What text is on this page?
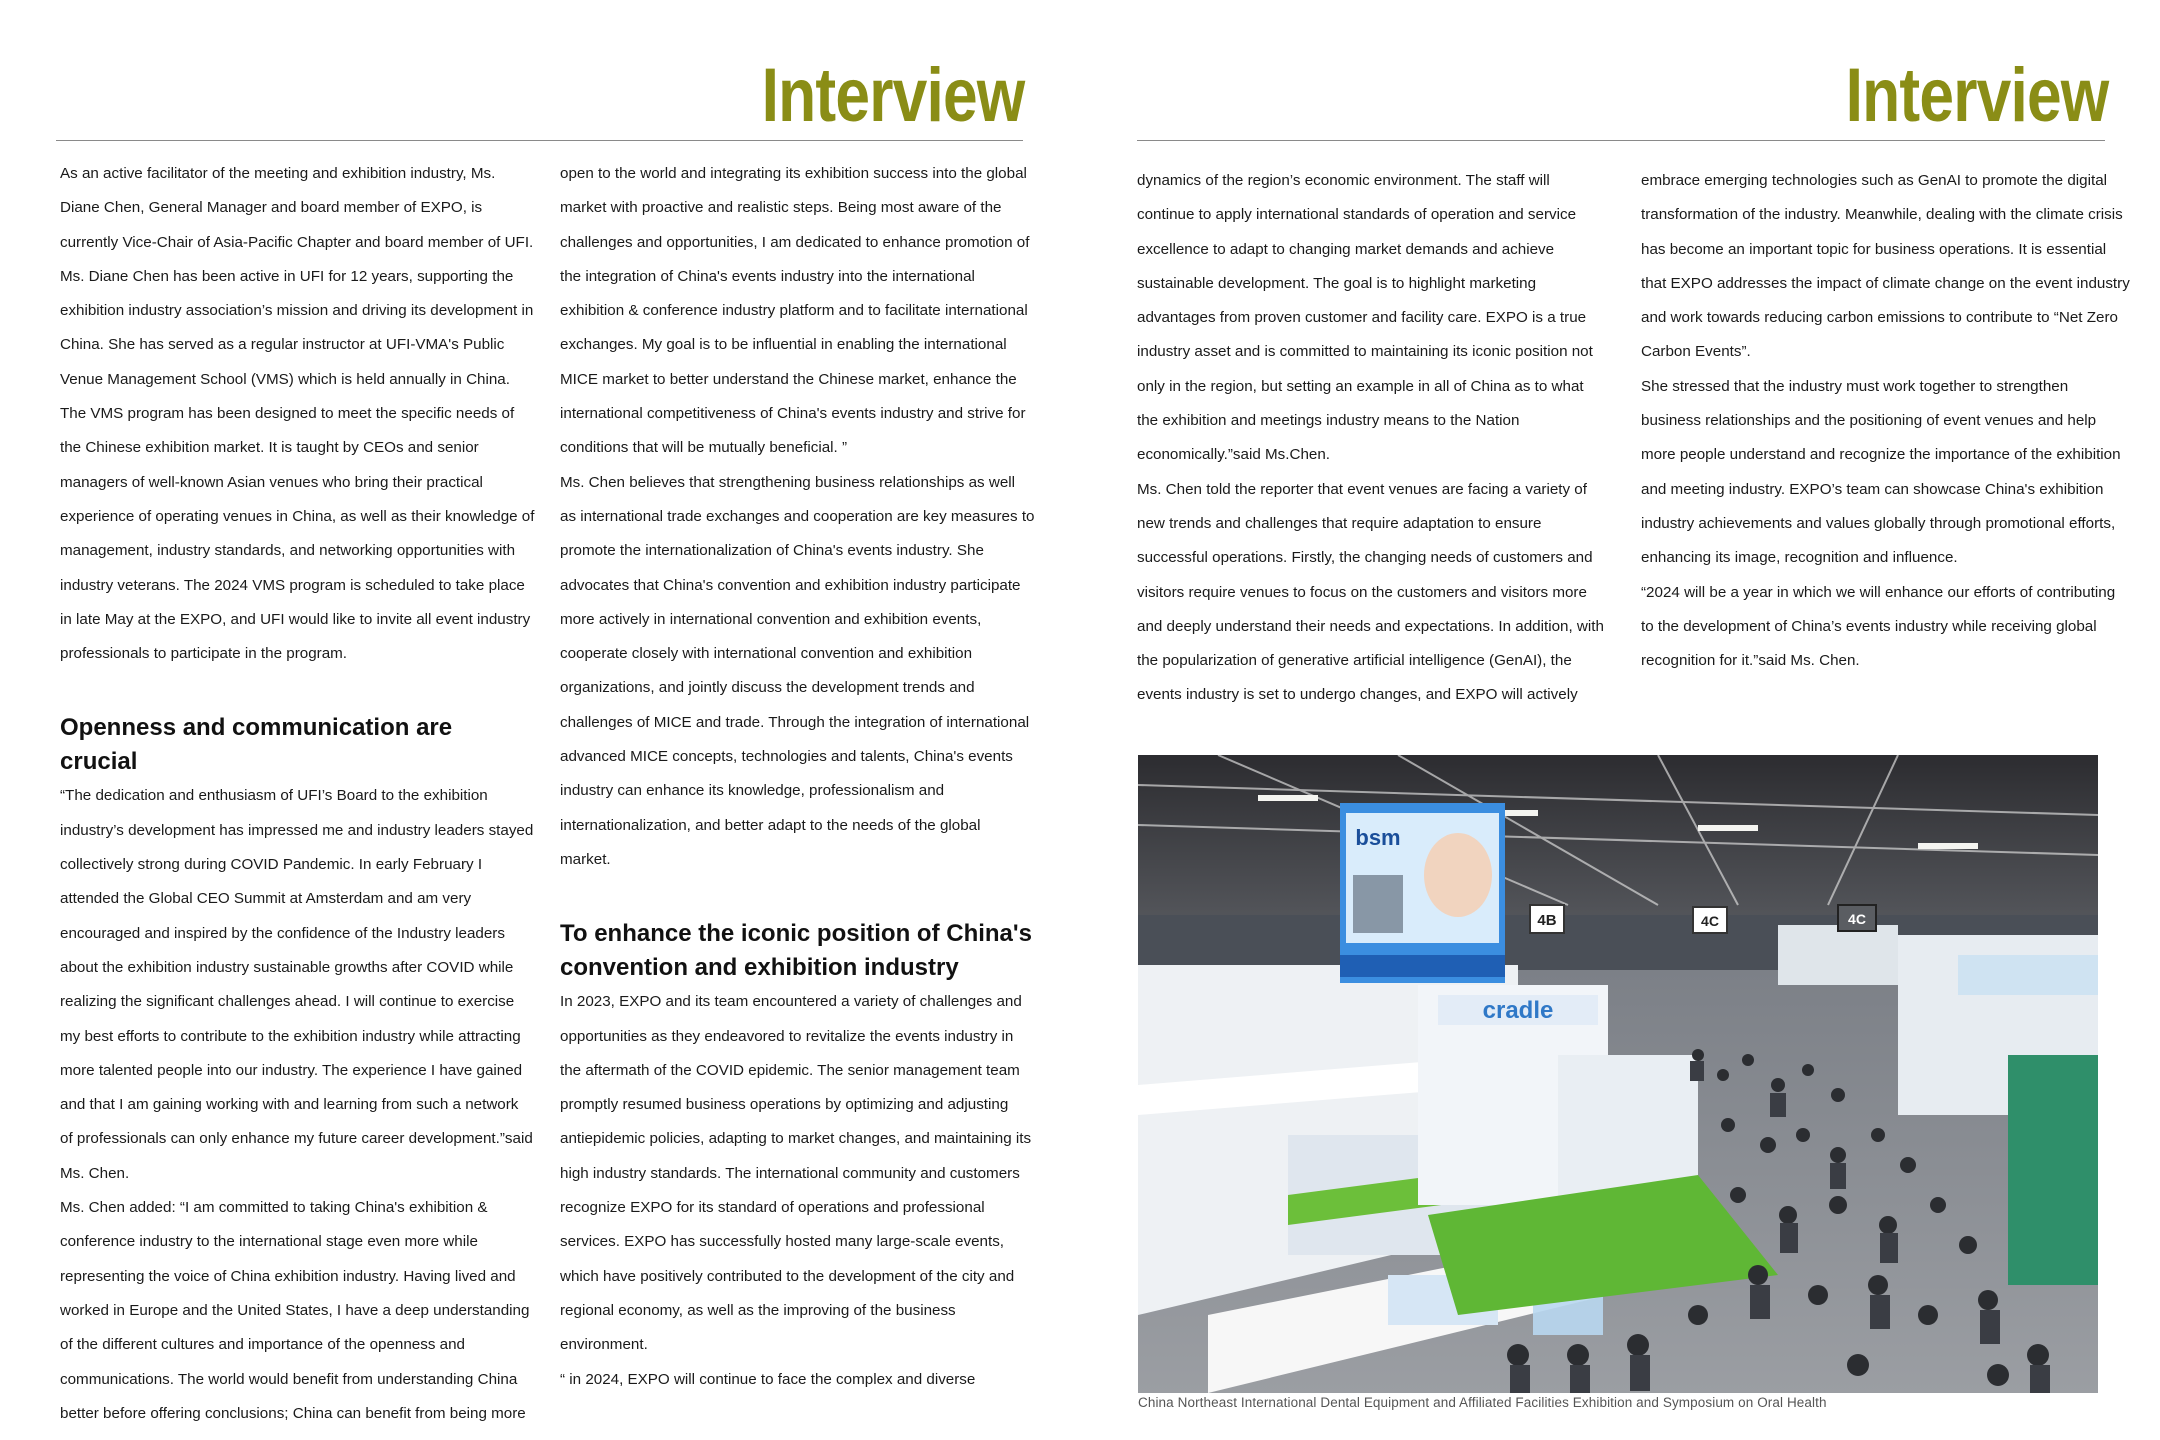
Interview

As an active facilitator of the meeting and exhibition industry, Ms. Diane Chen, General Manager and board member of EXPO, is currently Vice-Chair of Asia-Pacific Chapter and board member of UFI. Ms. Diane Chen has been active in UFI for 12 years, supporting the exhibition industry association’s mission and driving its development in China. She has served as a regular instructor at UFI-VMA's Public Venue Management School (VMS) which is held annually in China. The VMS program has been designed to meet the specific needs of the Chinese exhibition market. It is taught by CEOs and senior managers of well-known Asian venues who bring their practical experience of operating venues in China, as well as their knowledge of management, industry standards, and networking opportunities with industry veterans. The 2024 VMS program is scheduled to take place in late May at the EXPO, and UFI would like to invite all event industry professionals to participate in the program.

Openness and communication are crucial

“The dedication and enthusiasm of UFI’s Board to the exhibition industry’s development has impressed me and industry leaders stayed collectively strong during COVID Pandemic. In early February I attended the Global CEO Summit at Amsterdam and am very encouraged and inspired by the confidence of the Industry leaders about the exhibition industry sustainable growths after COVID while realizing the significant challenges ahead. I will continue to exercise my best efforts to contribute to the exhibition industry while attracting more talented people into our industry. The experience I have gained and that I am gaining working with and learning from such a network of professionals can only enhance my future career development.”said Ms. Chen.

Ms. Chen added: “I am committed to taking China's exhibition & conference industry to the international stage even more while representing the voice of China exhibition industry. Having lived and worked in Europe and the United States, I have a deep understanding of the different cultures and importance of the openness and communications. The world would benefit from understanding China better before offering conclusions; China can benefit from being more

open to the world and integrating its exhibition success into the global market with proactive and realistic steps. Being most aware of the challenges and opportunities, I am dedicated to enhance promotion of the integration of China's events industry into the international exhibition & conference industry platform and to facilitate international exchanges. My goal is to be influential in enabling the international MICE market to better understand the Chinese market, enhance the international competitiveness of China's events industry and strive for conditions that will be mutually beneficial. ”

Ms. Chen believes that strengthening business relationships as well as international trade exchanges and cooperation are key measures to promote the internationalization of China's events industry. She advocates that China's convention and exhibition industry participate more actively in international convention and exhibition events, cooperate closely with international convention and exhibition organizations, and jointly discuss the development trends and challenges of MICE and trade. Through the integration of international advanced MICE concepts, technologies and talents, China's events industry can enhance its knowledge, professionalism and internationalization, and better adapt to the needs of the global market.

To enhance the iconic position of China's convention and exhibition industry

In 2023, EXPO and its team encountered a variety of challenges and opportunities as they endeavored to revitalize the events industry in the aftermath of the COVID epidemic. The senior management team promptly resumed business operations by optimizing and adjusting antiepidemic policies, adapting to market changes, and maintaining its high industry standards. The international community and customers recognize EXPO for its standard of operations and professional services. EXPO has successfully hosted many large-scale events, which have positively contributed to the development of the city and regional economy, as well as the improving of the business environment.

“ in 2024, EXPO will continue to face the complex and diverse

Interview

dynamics of the region’s economic environment. The staff will continue to apply international standards of operation and service excellence to adapt to changing market demands and achieve sustainable development. The goal is to highlight marketing advantages from proven customer and facility care. EXPO is a true industry asset and is committed to maintaining its iconic position not only in the region, but setting an example in all of China as to what the exhibition and meetings industry means to the Nation economically.”said Ms.Chen.

Ms. Chen told the reporter that event venues are facing a variety of new trends and challenges that require adaptation to ensure successful operations. Firstly, the changing needs of customers and visitors require venues to focus on the customers and visitors more and deeply understand their needs and expectations. In addition, with the popularization of generative artificial intelligence (GenAI), the events industry is set to undergo changes, and EXPO will actively

embrace emerging technologies such as GenAI to promote the digital transformation of the industry. Meanwhile, dealing with the climate crisis has become an important topic for business operations. It is essential that EXPO addresses the impact of climate change on the event industry and work towards reducing carbon emissions to contribute to “Net Zero Carbon Events”.

She stressed that the industry must work together to strengthen business relationships and the positioning of event venues and help more people understand and recognize the importance of the exhibition and meeting industry. EXPO’s team can showcase China's exhibition industry achievements and values globally through promotional efforts, enhancing its image, recognition and influence.

“2024 will be a year in which we will enhance our efforts of contributing to the development of China’s events industry while receiving global recognition for it.”said Ms. Chen.

cradle
4B	4C	4C
bsm
China Northeast International Dental Equipment and Affiliated Facilities Exhibition and Symposium on Oral Health
